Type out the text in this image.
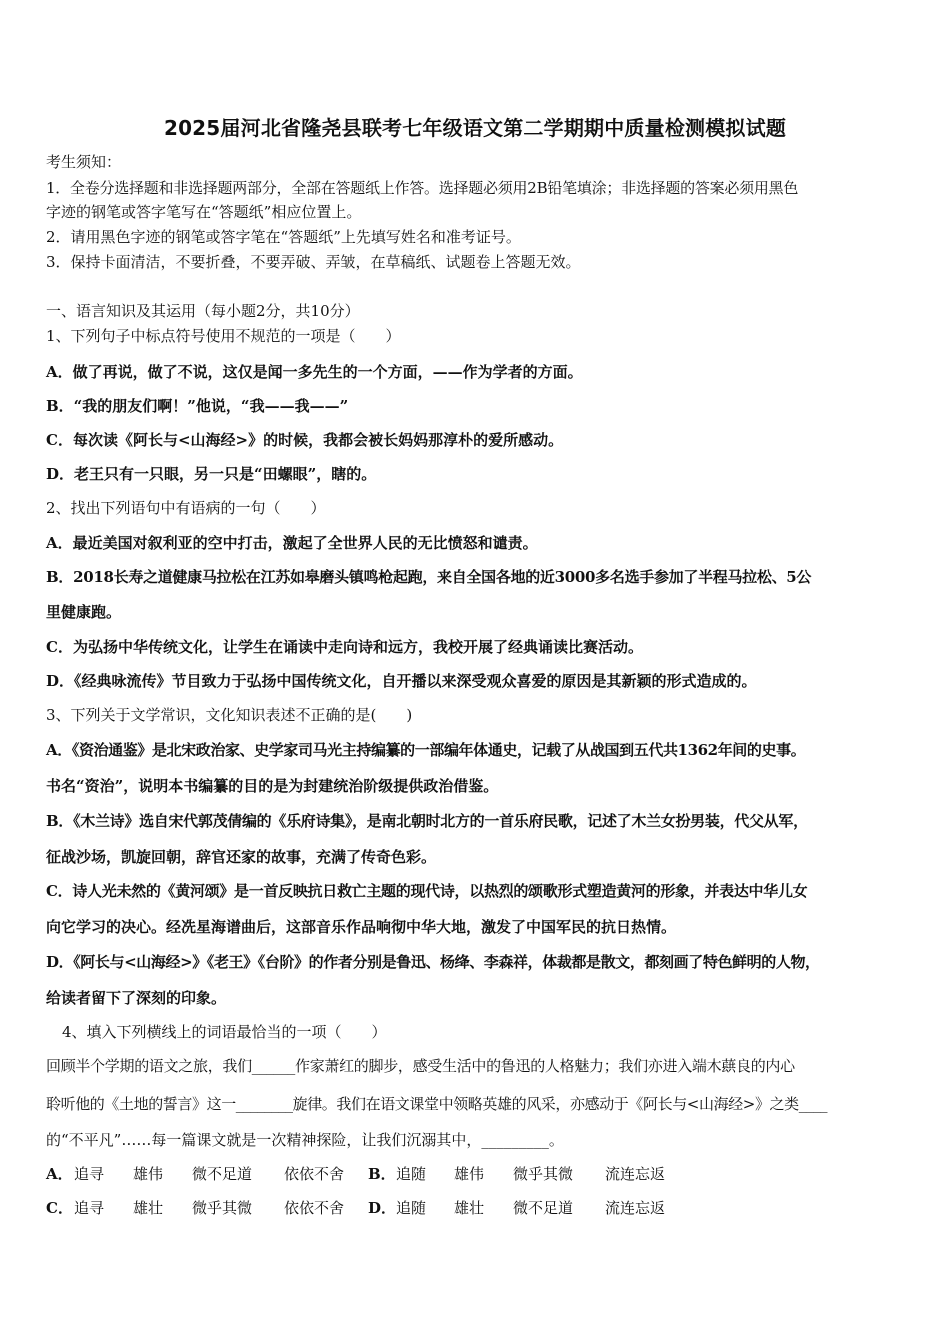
2025届河北省隆尧县联考七年级语文第二学期期中质量检测模拟试题
考生须知：
1．全卷分选择题和非选择题两部分，全部在答题纸上作答。选择题必须用2B铅笔填涂；非选择题的答案必须用黑色
字迹的钢笔或答字笔写在“答题纸”相应位置上。
2．请用黑色字迹的钢笔或答字笔在“答题纸”上先填写姓名和准考证号。
3．保持卡面清洁，不要折叠，不要弄破、弄皱，在草稿纸、试题卷上答题无效。
一、语言知识及其运用（每小题2分，共10分）
1、下列句子中标点符号使用不规范的一项是（　　）
A．做了再说，做了不说，这仅是闻一多先生的一个方面，——作为学者的方面。
B．“我的朋友们啊！”他说，“我——我——”
C．每次读《阿长与<山海经>》的时候，我都会被长妈妈那淳朴的爱所感动。
D．老王只有一只眼，另一只是“田螺眼”，瞎的。
2、找出下列语句中有语病的一句（　　）
A．最近美国对叙利亚的空中打击，激起了全世界人民的无比愤怒和谴责。
B．2018长寿之道健康马拉松在江苏如皋磨头镇鸣枪起跑，来自全国各地的近3000多名选手参加了半程马拉松、5公
里健康跑。
C．为弘扬中华传统文化，让学生在诵读中走向诗和远方，我校开展了经典诵读比赛活动。
D．《经典咏流传》节目致力于弘扬中国传统文化，自开播以来深受观众喜爱的原因是其新颖的形式造成的。
3、下列关于文学常识，文化知识表述不正确的是(　　)
A．《资治通鉴》是北宋政治家、史学家司马光主持编纂的一部编年体通史，记载了从战国到五代共1362年间的史事。
书名“资治”，说明本书编纂的目的是为封建统治阶级提供政治借鉴。
B．《木兰诗》选自宋代郭茂倩编的《乐府诗集》，是南北朝时北方的一首乐府民歌，记述了木兰女扮男装，代父从军，
征战沙场，凯旋回朝，辞官还家的故事，充满了传奇色彩。
C．诗人光未然的《黄河颂》是一首反映抗日救亡主题的现代诗，以热烈的颂歌形式塑造黄河的形象，并表达中华儿女
向它学习的决心。经冼星海谱曲后，这部音乐作品响彻中华大地，激发了中国军民的抗日热情。
D．《阿长与<山海经>》《老王》《台阶》的作者分别是鲁迅、杨绛、李森祥，体裁都是散文，都刻画了特色鲜明的人物，
给读者留下了深刻的印象。
4、填入下列横线上的词语最恰当的一项（　　）
回顾半个学期的语文之旅，我们______作家萧红的脚步，感受生活中的鲁迅的人格魅力；我们亦进入端木蕻良的内心
聆听他的《土地的誓言》这一________旋律。我们在语文课堂中领略英雄的风采，亦感动于《阿长与<山海经>》之类____
的“不平凡”……每一篇课文就是一次精神探险，让我们沉溺其中，_________。
A．追寻 雄伟 微不足道 依依不舍 B．追随 雄伟 微乎其微 流连忘返
C．追寻 雄壮 微乎其微 依依不舍 D．追随 雄壮 微不足道 流连忘返
